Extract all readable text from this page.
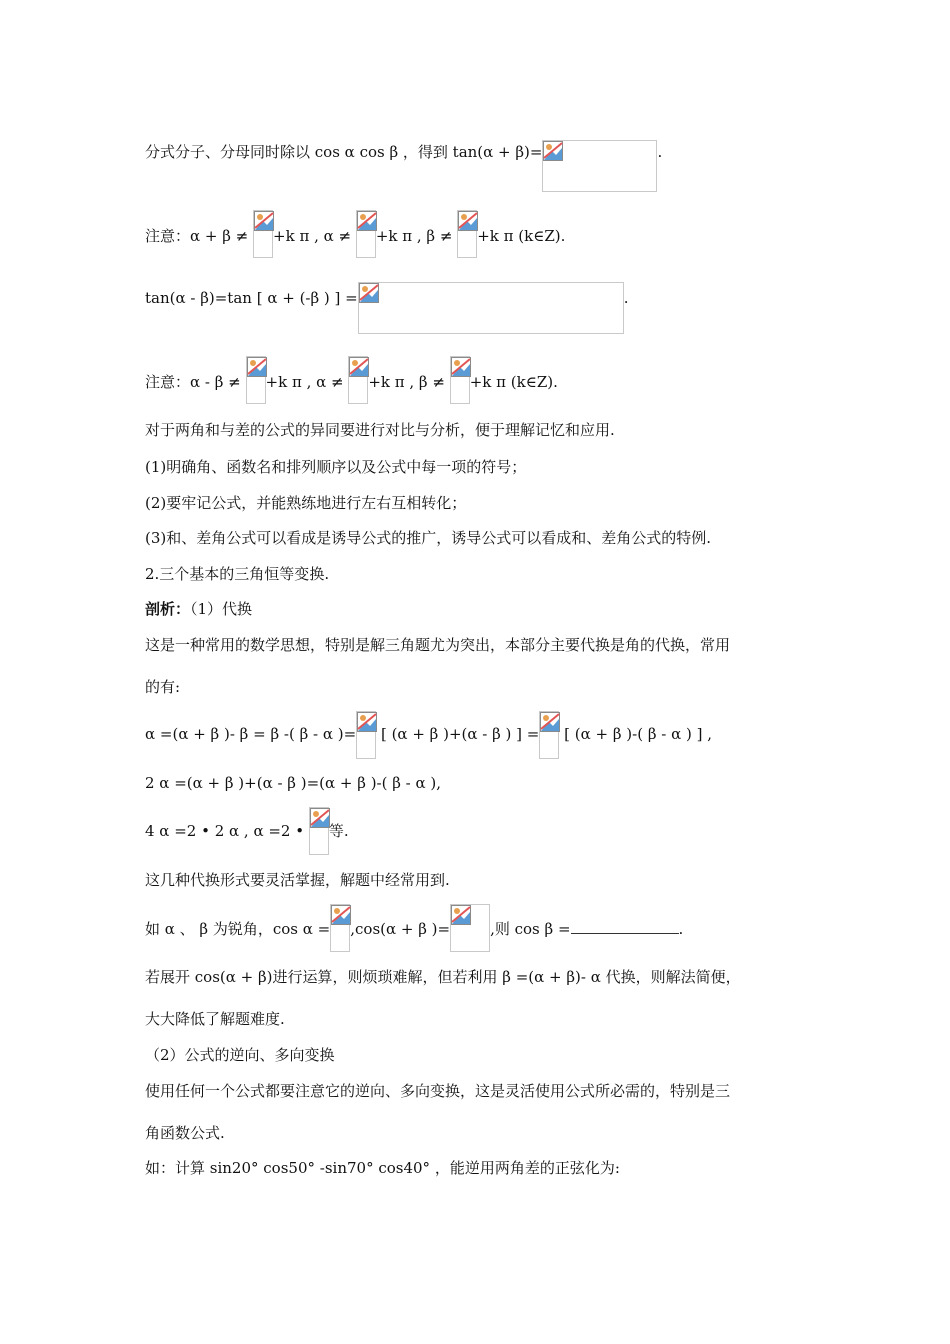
分式分子、分母同时除以 cos α cos β ，得到 tan(α + β)=	.
注意：α + β ≠
+k π , α ≠
+k π , β ≠
+k π (k∈Z).
tan(α - β)=tan [ α + (-β ) ] =	.
注意：α - β ≠
+k π , α ≠
+k π , β ≠
+k π (k∈Z).
对于两角和与差的公式的异同要进行对比与分析，便于理解记忆和应用.
(1)明确角、函数名和排列顺序以及公式中每一项的符号；
(2)要牢记公式，并能熟练地进行左右互相转化；
(3)和、差角公式可以看成是诱导公式的推广，诱导公式可以看成和、差角公式的特例.
2.三个基本的三角恒等变换.
剖析：（1）代换
这是一种常用的数学思想，特别是解三角题尤为突出，本部分主要代换是角的代换，常用
的有:
α =(α + β )- β = β -( β - α )=
[ (α + β )+(α - β ) ] =
[ (α + β )-( β - α ) ] ,
2 α =(α + β )+(α - β )=(α + β )-( β - α ),
4 α =2 • 2 α , α =2 •
等.
这几种代换形式要灵活掌握，解题中经常用到.
如 α 、 β 为锐角，cos α = ,cos(α + β )=	,则 cos β =	.
若展开 cos(α + β)进行运算，则烦琐难解，但若利用 β =(α + β)- α 代换，则解法简便，
大大降低了解题难度.
（2）公式的逆向、多向变换
使用任何一个公式都要注意它的逆向、多向变换，这是灵活使用公式所必需的，特别是三
角函数公式.
如：计算 sin20° cos50° -sin70° cos40° ，能逆用两角差的正弦化为:
